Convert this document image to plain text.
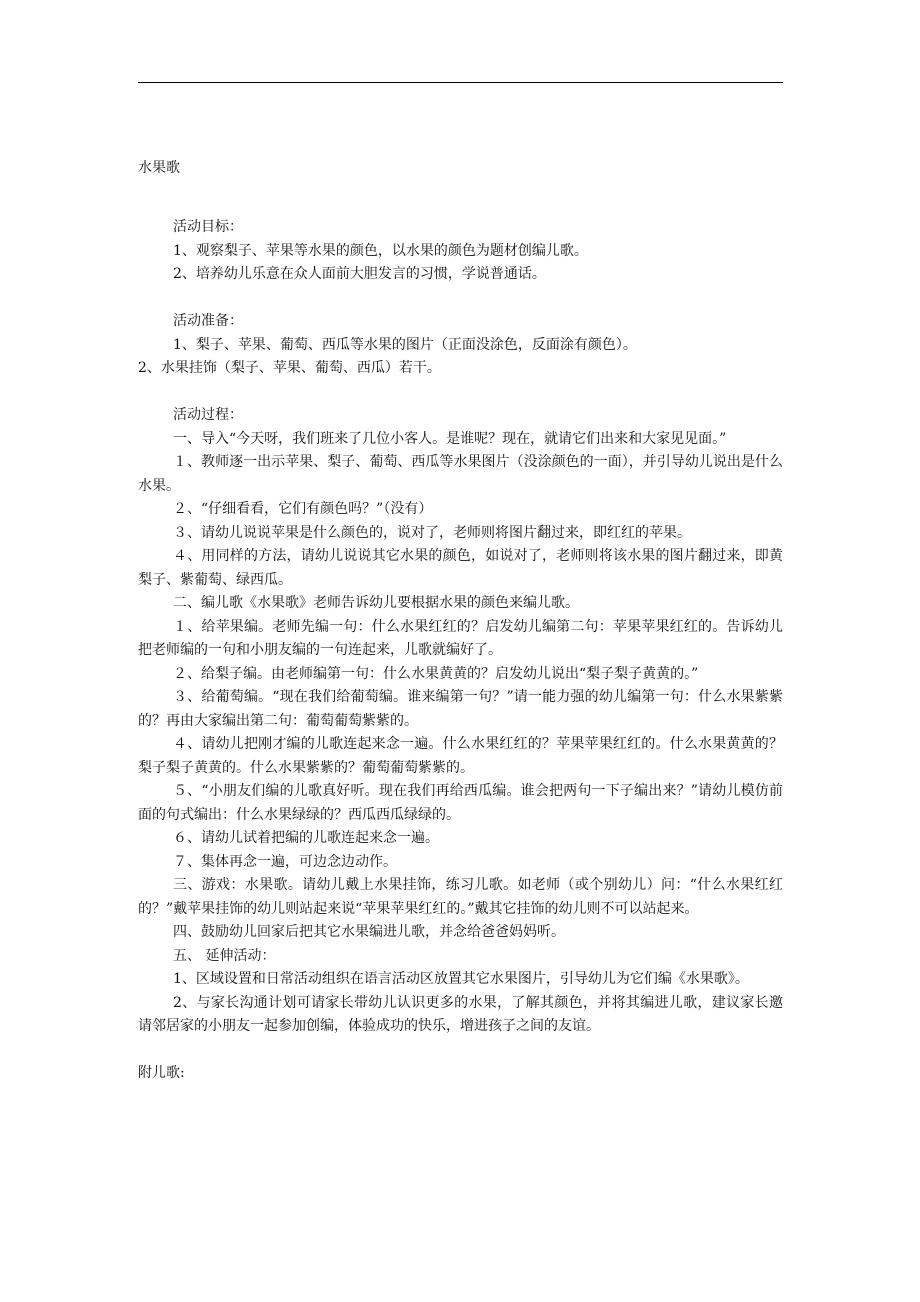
水果歌
活动目标：
1、观察梨子、苹果等水果的颜色，以水果的颜色为题材创编儿歌。
2、培养幼儿乐意在众人面前大胆发言的习惯，学说普通话。
活动准备：
1、梨子、苹果、葡萄、西瓜等水果的图片（正面没涂色，反面涂有颜色）。
2、水果挂饰（梨子、苹果、葡萄、西瓜）若干。
活动过程：
一、导入“今天呀，我们班来了几位小客人。是谁呢？现在，就请它们出来和大家见见面。”
１、教师逐一出示苹果、梨子、葡萄、西瓜等水果图片（没涂颜色的一面），并引导幼儿说出是什么水果。
２、“仔细看看，它们有颜色吗？”（没有）
３、请幼儿说说苹果是什么颜色的，说对了，老师则将图片翻过来，即红红的苹果。
４、用同样的方法，请幼儿说说其它水果的颜色，如说对了，老师则将该水果的图片翻过来，即黄梨子、紫葡萄、绿西瓜。
二、编儿歌《水果歌》老师告诉幼儿要根据水果的颜色来编儿歌。
１、给苹果编。老师先编一句：什么水果红红的？启发幼儿编第二句：苹果苹果红红的。告诉幼儿把老师编的一句和小朋友编的一句连起来，儿歌就编好了。
２、给梨子编。由老师编第一句：什么水果黄黄的？启发幼儿说出“梨子梨子黄黄的。”
３、给葡萄编。“现在我们给葡萄编。谁来编第一句？”请一能力强的幼儿编第一句：什么水果紫紫的？再由大家编出第二句：葡萄葡萄紫紫的。
４、请幼儿把刚才编的儿歌连起来念一遍。什么水果红红的？苹果苹果红红的。什么水果黄黄的？梨子梨子黄黄的。什么水果紫紫的？葡萄葡萄紫紫的。
５、“小朋友们编的儿歌真好听。现在我们再给西瓜编。谁会把两句一下子编出来？”请幼儿模仿前面的句式编出：什么水果绿绿的？西瓜西瓜绿绿的。
６、请幼儿试着把编的儿歌连起来念一遍。
７、集体再念一遍，可边念边动作。
三、游戏：水果歌。请幼儿戴上水果挂饰，练习儿歌。如老师（或个别幼儿）问：“什么水果红红的？”戴苹果挂饰的幼儿则站起来说“苹果苹果红红的。”戴其它挂饰的幼儿则不可以站起来。
四、鼓励幼儿回家后把其它水果编进儿歌，并念给爸爸妈妈听。
五、 延伸活动：
1、区域设置和日常活动组织在语言活动区放置其它水果图片，引导幼儿为它们编《水果歌》。
2、与家长沟通计划可请家长带幼儿认识更多的水果，了解其颜色，并将其编进儿歌，建议家长邀请邻居家的小朋友一起参加创编，体验成功的快乐，增进孩子之间的友谊。
附儿歌:
